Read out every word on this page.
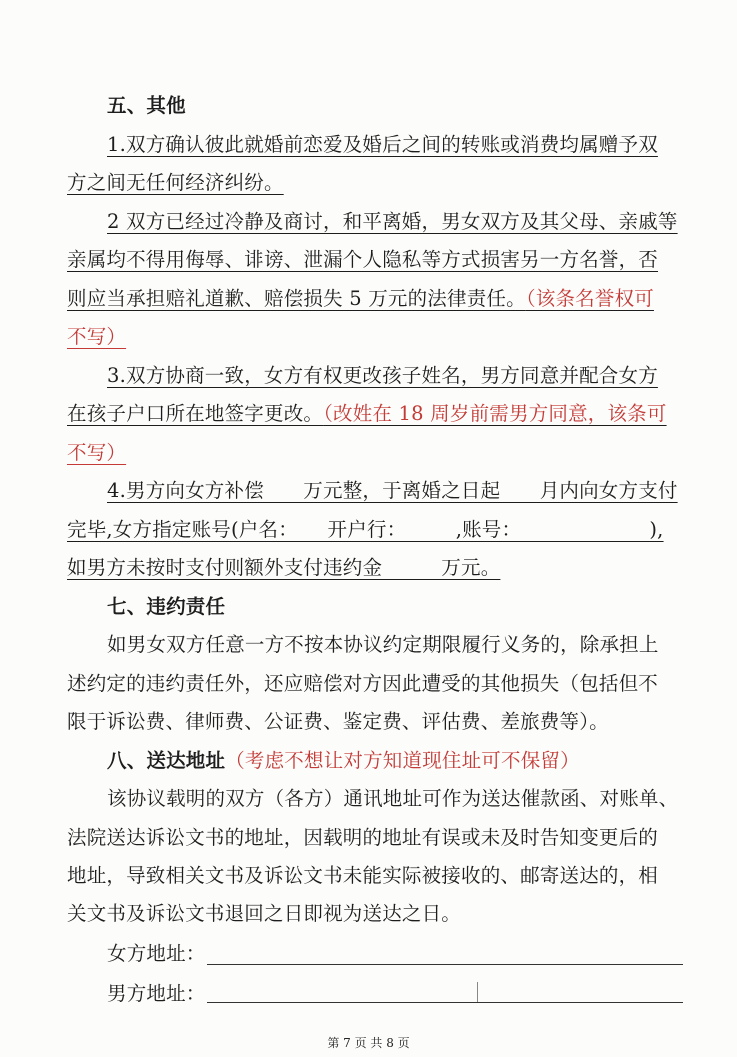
五、其他
1.双方确认彼此就婚前恋爱及婚后之间的转账或消费均属赠予双
方之间无任何经济纠纷。
2 双方已经过冷静及商讨，和平离婚，男女双方及其父母、亲戚等
亲属均不得用侮辱、诽谤、泄漏个人隐私等方式损害另一方名誉，否
则应当承担赔礼道歉、赔偿损失 5 万元的法律责任。（该条名誉权可
不写）
3.双方协商一致，女方有权更改孩子姓名，男方同意并配合女方
在孩子户口所在地签字更改。（改姓在 18 周岁前需男方同意，该条可
不写）
4.男方向女方补偿　　万元整，于离婚之日起　　月内向女方支付
完毕,女方指定账号(户名：　　开户行：　　　,账号：　　　　　　　),
如男方未按时支付则额外支付违约金　　　万元。
七、违约责任
如男女双方任意一方不按本协议约定期限履行义务的，除承担上
述约定的违约责任外，还应赔偿对方因此遭受的其他损失（包括但不
限于诉讼费、律师费、公证费、鉴定费、评估费、差旅费等）。
八、送达地址（考虑不想让对方知道现住址可不保留）
该协议载明的双方（各方）通讯地址可作为送达催款函、对账单、
法院送达诉讼文书的地址，因载明的地址有误或未及时告知变更后的
地址，导致相关文书及诉讼文书未能实际被接收的、邮寄送达的，相
关文书及诉讼文书退回之日即视为送达之日。
女方地址：
男方地址：
第 7 页 共 8 页
